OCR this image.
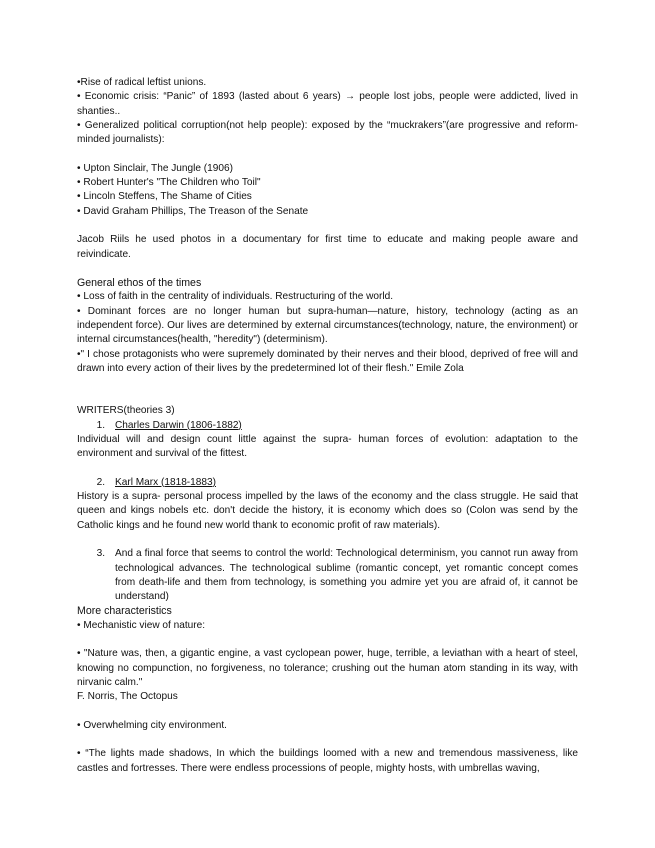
•Rise of radical leftist unions.

• Economic crisis: “Panic” of 1893 (lasted about 6 years) → people lost jobs, people were addicted, lived in shanties..

• Generalized political corruption(not help people): exposed by the “muckrakers”(are progressive and reform-minded journalists):

• Upton Sinclair, The Jungle (1906)

• Robert Hunter's "The Children who Toil"

• Lincoln Steffens, The Shame of Cities

• David Graham Phillips, The Treason of the Senate

Jacob Riils he used photos in a documentary for first time to educate and making people aware and reivindicate.

General ethos of the times

• Loss of faith in the centrality of individuals. Restructuring of the world.

• Dominant forces are no longer human but supra-human—nature, history, technology (acting as an independent force). Our lives are determined by external circumstances(technology, nature, the environment) or internal circumstances(health, "heredity") (determinism).

•" I chose protagonists who were supremely dominated by their nerves and their blood, deprived of free will and drawn into every action of their lives by the predetermined lot of their flesh." Emile Zola

WRITERS(theories 3)

1. Charles Darwin (1806-1882)

Individual will and design count little against the supra- human forces of evolution: adaptation to the environment and survival of the fittest.

2. Karl Marx (1818-1883)

History is a supra- personal process impelled by the laws of the economy and the class struggle. He said that queen and kings nobels etc. don't decide the history, it is economy which does so (Colon was send by the Catholic kings and he found new world thank to economic profit of raw materials).

3. And a final force that seems to control the world: Technological determinism, you cannot run away from technological advances. The technological sublime (romantic concept, yet romantic concept comes from death-life and them from technology, is something you admire yet you are afraid of, it cannot be understand)

More characteristics

• Mechanistic view of nature:

• "Nature was, then, a gigantic engine, a vast cyclopean power, huge, terrible, a leviathan with a heart of steel, knowing no compunction, no forgiveness, no tolerance; crushing out the human atom standing in its way, with nirvanic calm."

F. Norris, The Octopus

• Overwhelming city environment.

• “The lights made shadows, In which the buildings loomed with a new and tremendous massiveness, like castles and fortresses. There were endless processions of people, mighty hosts, with umbrellas waving,
